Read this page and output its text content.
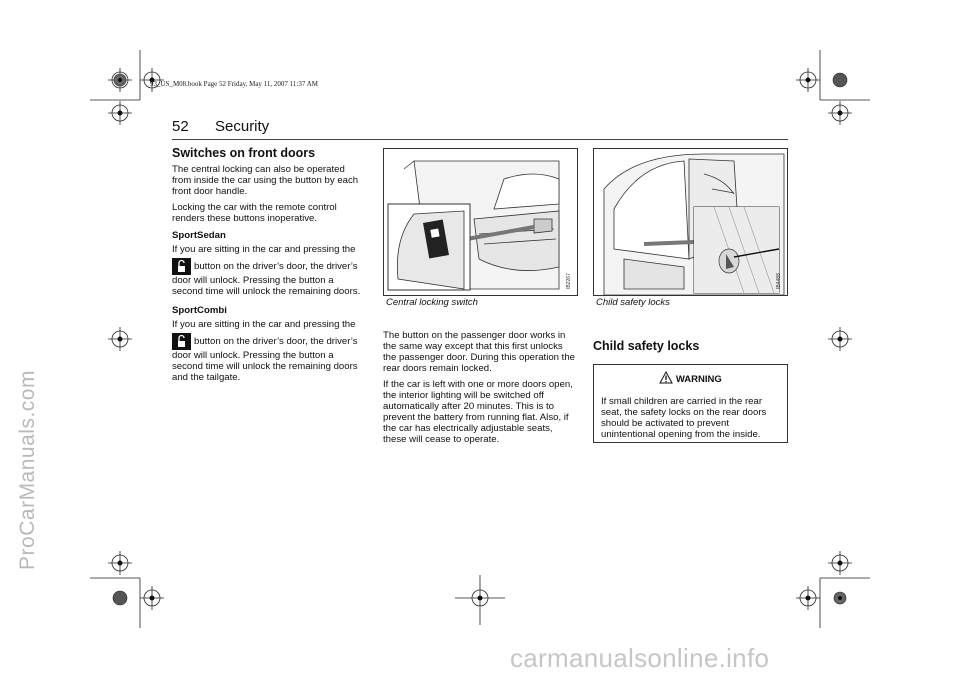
93_US_M08.book Page 52 Friday, May 11, 2007 11:37 AM
ProCarManuals.com
52 Security
Switches on front doors

The central locking can also be operated from inside the car using the button by each front door handle.

Locking the car with the remote control renders these buttons inoperative.

SportSedan

If you are sitting in the car and pressing the

button on the driver’s door, the driver’s door will unlock. Pressing the button a second time will unlock the remaining doors.

SportCombi

If you are sitting in the car and pressing the

button on the driver’s door, the driver’s door will unlock. Pressing the button a second time will unlock the remaining doors and the tailgate.

IB2267
Central locking switch
IB4488
Child safety locks

The button on the passenger door works in the same way except that this first unlocks the passenger door. During this operation the rear doors remain locked.

If the car is left with one or more doors open, the interior lighting will be switched off automatically after 20 minutes. This is to prevent the battery from running flat. Also, if the car has electrically adjustable seats, these will cease to operate.

Child safety locks
WARNING
If small children are carried in the rear seat, the safety locks on the rear doors should be activated to prevent unintentional opening from the inside.
carmanualsonline.info
